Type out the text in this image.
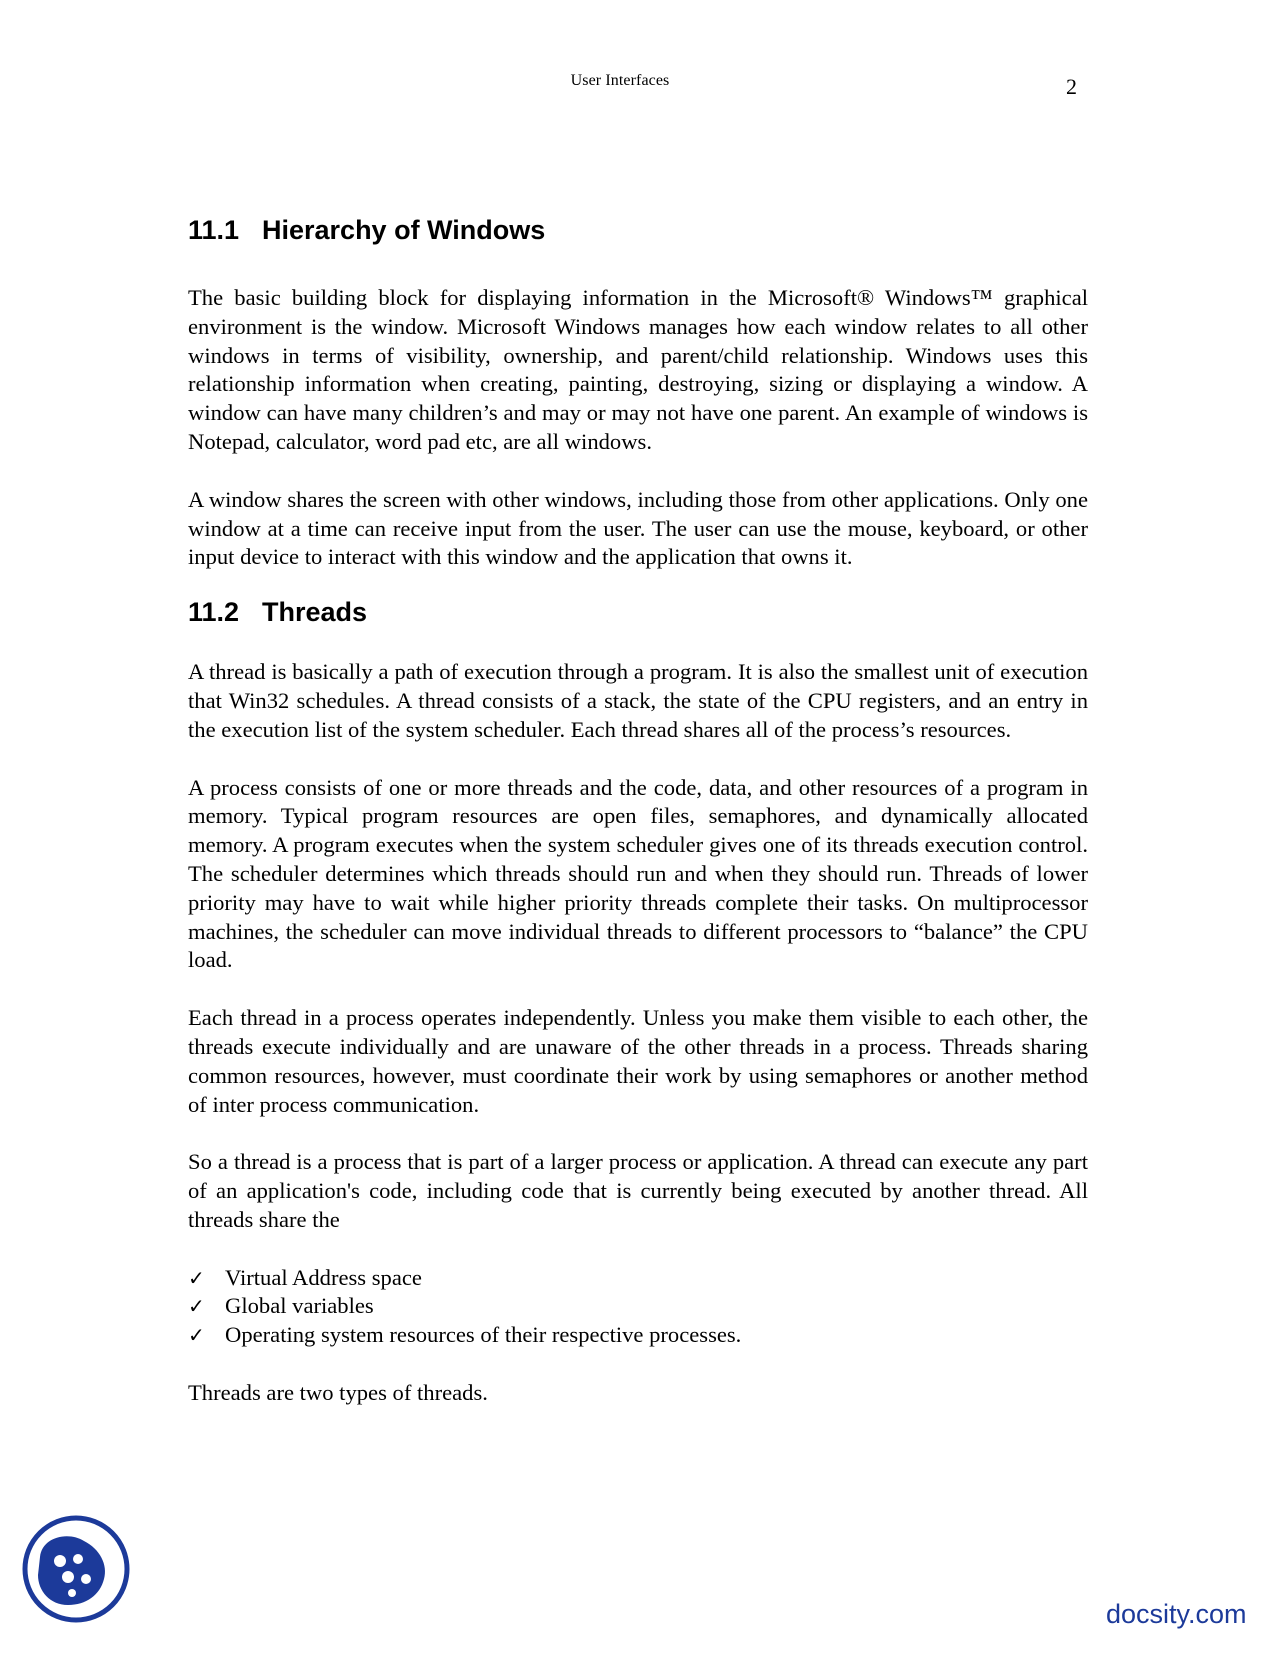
User Interfaces	2
11.1 Hierarchy of Windows

The basic building block for displaying information in the Microsoft® Windows™ graphical environment is the window. Microsoft Windows manages how each window relates to all other windows in terms of visibility, ownership, and parent/child relationship. Windows uses this relationship information when creating, painting, destroying, sizing or displaying a window. A window can have many children’s and may or may not have one parent. An example of windows is Notepad, calculator, word pad etc, are all windows.

A window shares the screen with other windows, including those from other applications. Only one window at a time can receive input from the user. The user can use the mouse, keyboard, or other input device to interact with this window and the application that owns it.

11.2 Threads

A thread is basically a path of execution through a program. It is also the smallest unit of execution that Win32 schedules. A thread consists of a stack, the state of the CPU registers, and an entry in the execution list of the system scheduler. Each thread shares all of the process’s resources.

A process consists of one or more threads and the code, data, and other resources of a program in memory. Typical program resources are open files, semaphores, and dynamically allocated memory. A program executes when the system scheduler gives one of its threads execution control. The scheduler determines which threads should run and when they should run. Threads of lower priority may have to wait while higher priority threads complete their tasks. On multiprocessor machines, the scheduler can move individual threads to different processors to “balance” the CPU load.

Each thread in a process operates independently. Unless you make them visible to each other, the threads execute individually and are unaware of the other threads in a process. Threads sharing common resources, however, must coordinate their work by using semaphores or another method of inter process communication.

So a thread is a process that is part of a larger process or application. A thread can execute any part of an application's code, including code that is currently being executed by another thread. All threads share the

✓ Virtual Address space
✓ Global variables
✓ Operating system resources of their respective processes.

Threads are two types of threads.

docsity.com
